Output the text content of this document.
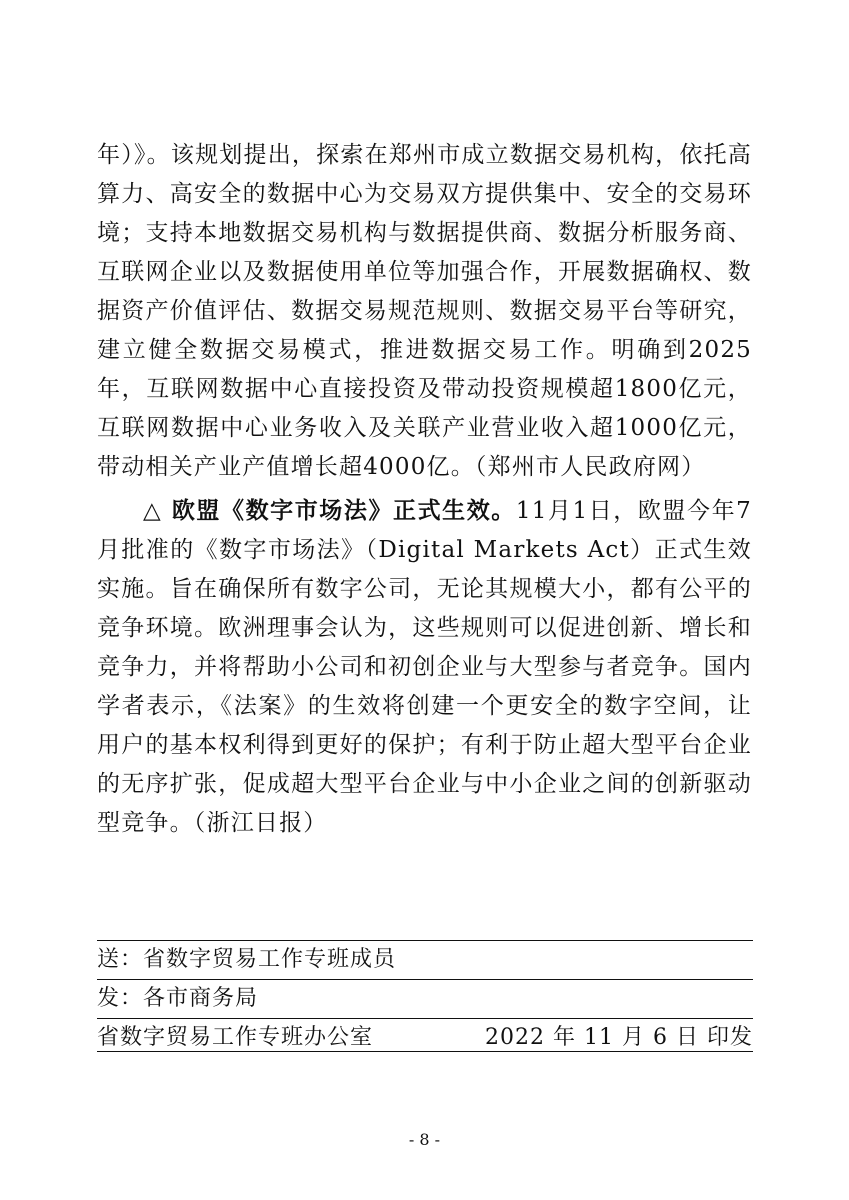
年）》。该规划提出，探索在郑州市成立数据交易机构，依托高算力、高安全的数据中心为交易双方提供集中、安全的交易环境；支持本地数据交易机构与数据提供商、数据分析服务商、互联网企业以及数据使用单位等加强合作，开展数据确权、数据资产价值评估、数据交易规范规则、数据交易平台等研究，建立健全数据交易模式，推进数据交易工作。明确到2025年，互联网数据中心直接投资及带动投资规模超1800亿元，互联网数据中心业务收入及关联产业营业收入超1000亿元，带动相关产业产值增长超4000亿。（郑州市人民政府网）

△ 欧盟《数字市场法》正式生效。11月1日，欧盟今年7月批准的《数字市场法》（Digital Markets Act）正式生效实施。旨在确保所有数字公司，无论其规模大小，都有公平的竞争环境。欧洲理事会认为，这些规则可以促进创新、增长和竞争力，并将帮助小公司和初创企业与大型参与者竞争。国内学者表示，《法案》的生效将创建一个更安全的数字空间，让用户的基本权利得到更好的保护；有利于防止超大型平台企业的无序扩张，促成超大型平台企业与中小企业之间的创新驱动型竞争。（浙江日报）

送：省数字贸易工作专班成员
发：各市商务局
省数字贸易工作专班办公室	2022 年 11 月 6 日 印发
- 8 -
